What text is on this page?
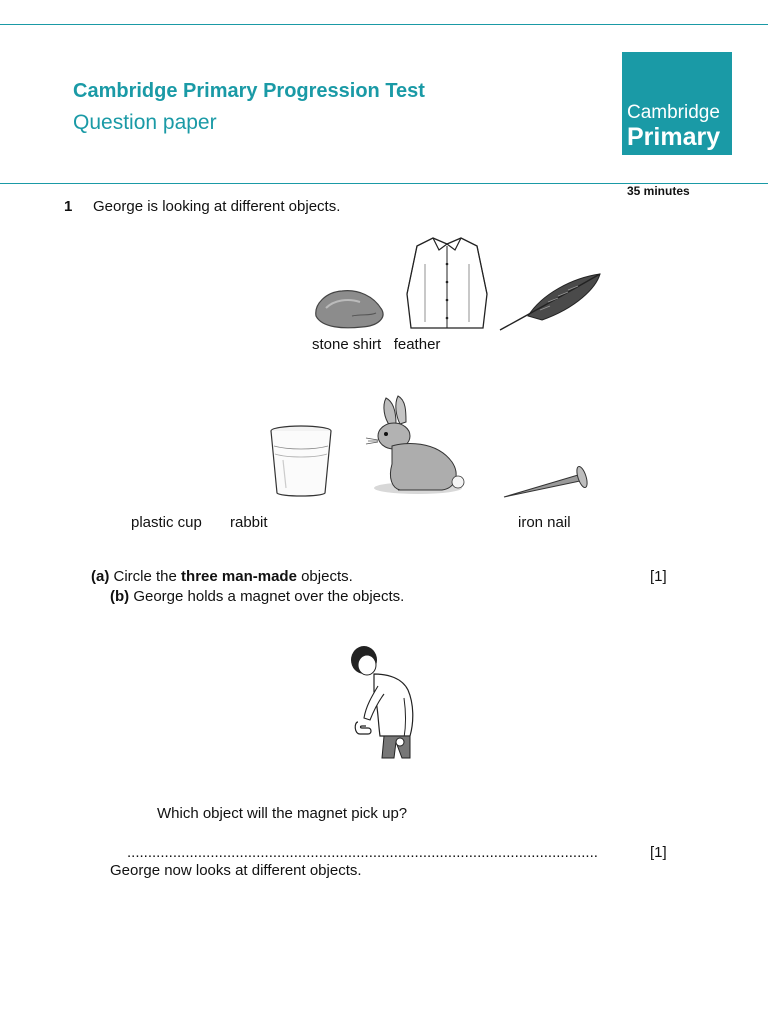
Cambridge Primary Progression Test
Question paper	Cambridge
Primary
35 minutes
1 George is looking at different objects.
stone shirt   feather
plastic cup rabbit	iron nail
(a) Circle the three man-made objects.	[1]
(b) George holds a magnet over the objects.
Which object will the magnet pick up?
.................................................................................................................	[1]
George now looks at different objects.
